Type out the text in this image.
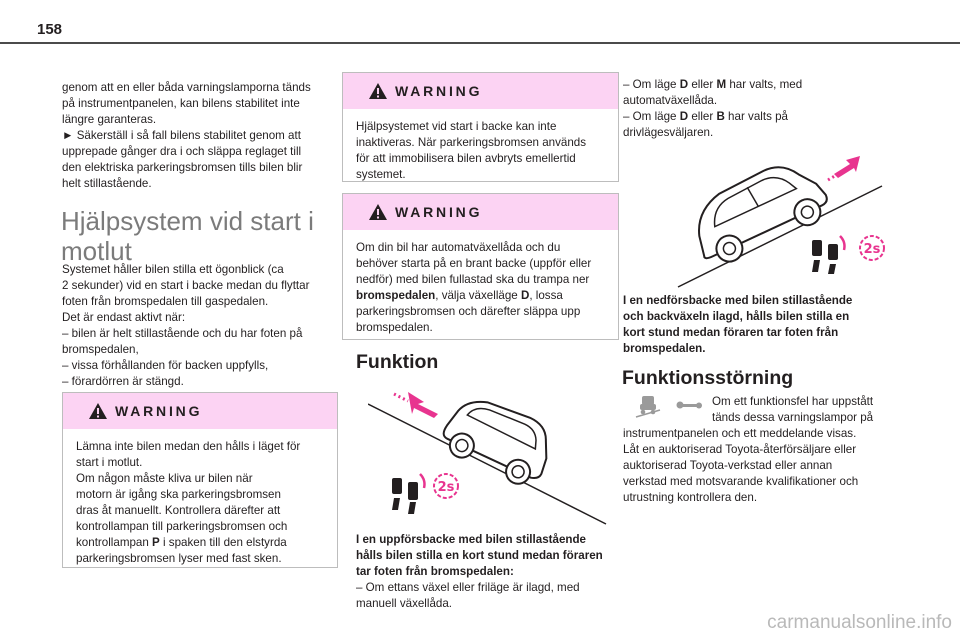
158

genom att en eller båda varningslamporna tänds

på instrumentpanelen, kan bilens stabilitet inte

längre garanteras.

► Säkerställ i så fall bilens stabilitet genom att

upprepade gånger dra i och släppa reglaget till

den elektriska parkeringsbromsen tills bilen blir

helt stillastående.

Hjälpsystem vid start i
motlut

Systemet håller bilen stilla ett ögonblick (ca

2 sekunder) vid en start i backe medan du flyttar

foten från bromspedalen till gaspedalen.

Det är endast aktivt när:

– bilen är helt stillastående och du har foten på

bromspedalen,

– vissa förhållanden för backen uppfylls,

– förardörren är stängd.

WARNING

Lämna inte bilen medan den hålls i läget för

start i motlut.

Om någon måste kliva ur bilen när

motorn är igång ska parkeringsbromsen

dras åt manuellt. Kontrollera därefter att

kontrollampan till parkeringsbromsen och

kontrollampan P i spaken till den elstyrda

parkeringsbromsen lyser med fast sken.

WARNING

Hjälpsystemet vid start i backe kan inte

inaktiveras. När parkeringsbromsen används

för att immobilisera bilen avbryts emellertid

systemet.

WARNING

Om din bil har automatväxellåda och du

behöver starta på en brant backe (uppför eller

nedför) med bilen fullastad ska du trampa ner

bromspedalen, välja växelläge D, lossa

parkeringsbromsen och därefter släppa upp

bromspedalen.

Funktion
2s

I en uppförsbacke med bilen stillastående

hålls bilen stilla en kort stund medan föraren

tar foten från bromspedalen:

– Om ettans växel eller friläge är ilagd, med

manuell växellåda.

– Om läge D eller M har valts, med

automatväxellåda.

– Om läge D eller B har valts på

drivlägesväljaren.

2s

I en nedförsbacke med bilen stillastående

och backväxeln ilagd, hålls bilen stilla en

kort stund medan föraren tar foten från

bromspedalen.

Funktionsstörning

Om ett funktionsfel har uppstått

tänds dessa varningslampor på

instrumentpanelen och ett meddelande visas.

Låt en auktoriserad Toyota-återförsäljare eller

auktoriserad Toyota-verkstad eller annan

verkstad med motsvarande kvalifikationer och

utrustning kontrollera den.

carmanualsonline.info
